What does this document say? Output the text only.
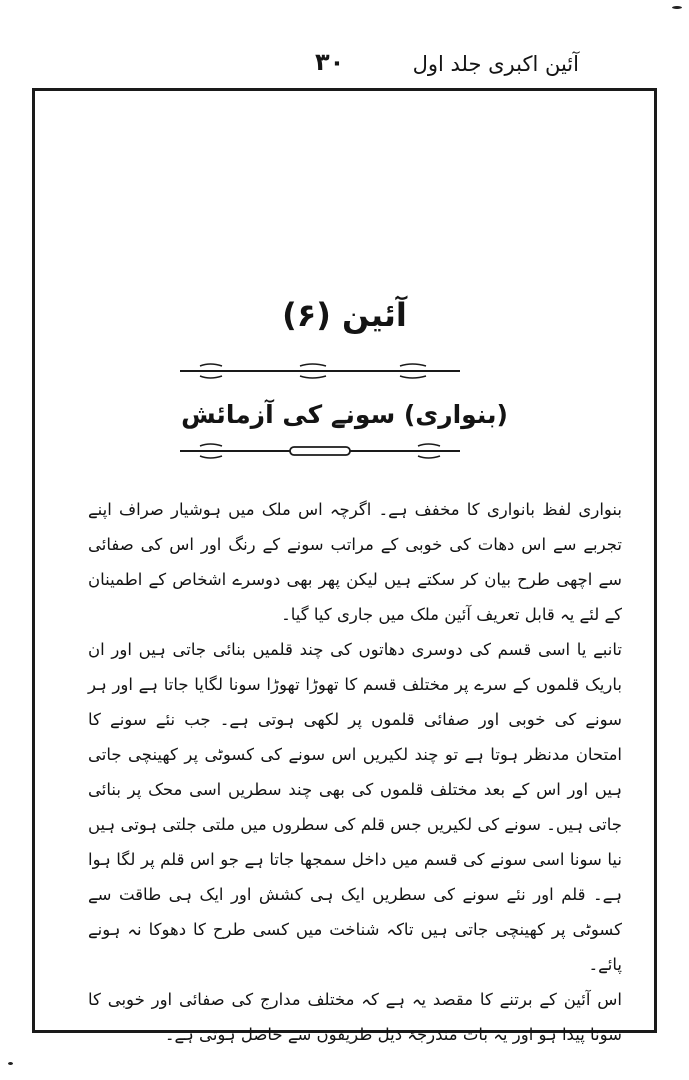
آئین اکبری جلد اول
۳۰
آئین (۶)
(بنواری) سونے کی آزمائش

بنواری لفظ بانواری کا مخفف ہے۔ اگرچہ اس ملک میں ہوشیار صراف اپنے تجربے سے اس دھات کی خوبی کے مراتب سونے کے رنگ اور اس کی صفائی سے اچھی طرح بیان کر سکتے ہیں لیکن پھر بھی دوسرے اشخاص کے اطمینان کے لئے یہ قابل تعریف آئین ملک میں جاری کیا گیا۔

تانبے یا اسی قسم کی دوسری دھاتوں کی چند قلمیں بنائی جاتی ہیں اور ان باریک قلموں کے سرے پر مختلف قسم کا تھوڑا تھوڑا سونا لگایا جاتا ہے اور ہر سونے کی خوبی اور صفائی قلموں پر لکھی ہوتی ہے۔ جب نئے سونے کا امتحان مدنظر ہوتا ہے تو چند لکیریں اس سونے کی کسوٹی پر کھینچی جاتی ہیں اور اس کے بعد مختلف قلموں کی بھی چند سطریں اسی محک پر بنائی جاتی ہیں۔ سونے کی لکیریں جس قلم کی سطروں میں ملتی جلتی ہوتی ہیں نیا سونا اسی سونے کی قسم میں داخل سمجھا جاتا ہے جو اس قلم پر لگا ہوا ہے۔ قلم اور نئے سونے کی سطریں ایک ہی کشش اور ایک ہی طاقت سے کسوٹی پر کھینچی جاتی ہیں تاکہ شناخت میں کسی طرح کا دھوکا نہ ہونے پائے۔

اس آئین کے برتنے کا مقصد یہ ہے کہ مختلف مدارج کی صفائی اور خوبی کا سونا پیدا ہو اور یہ بات مندرجۂ ذیل طریقوں سے حاصل ہوتی ہے۔
